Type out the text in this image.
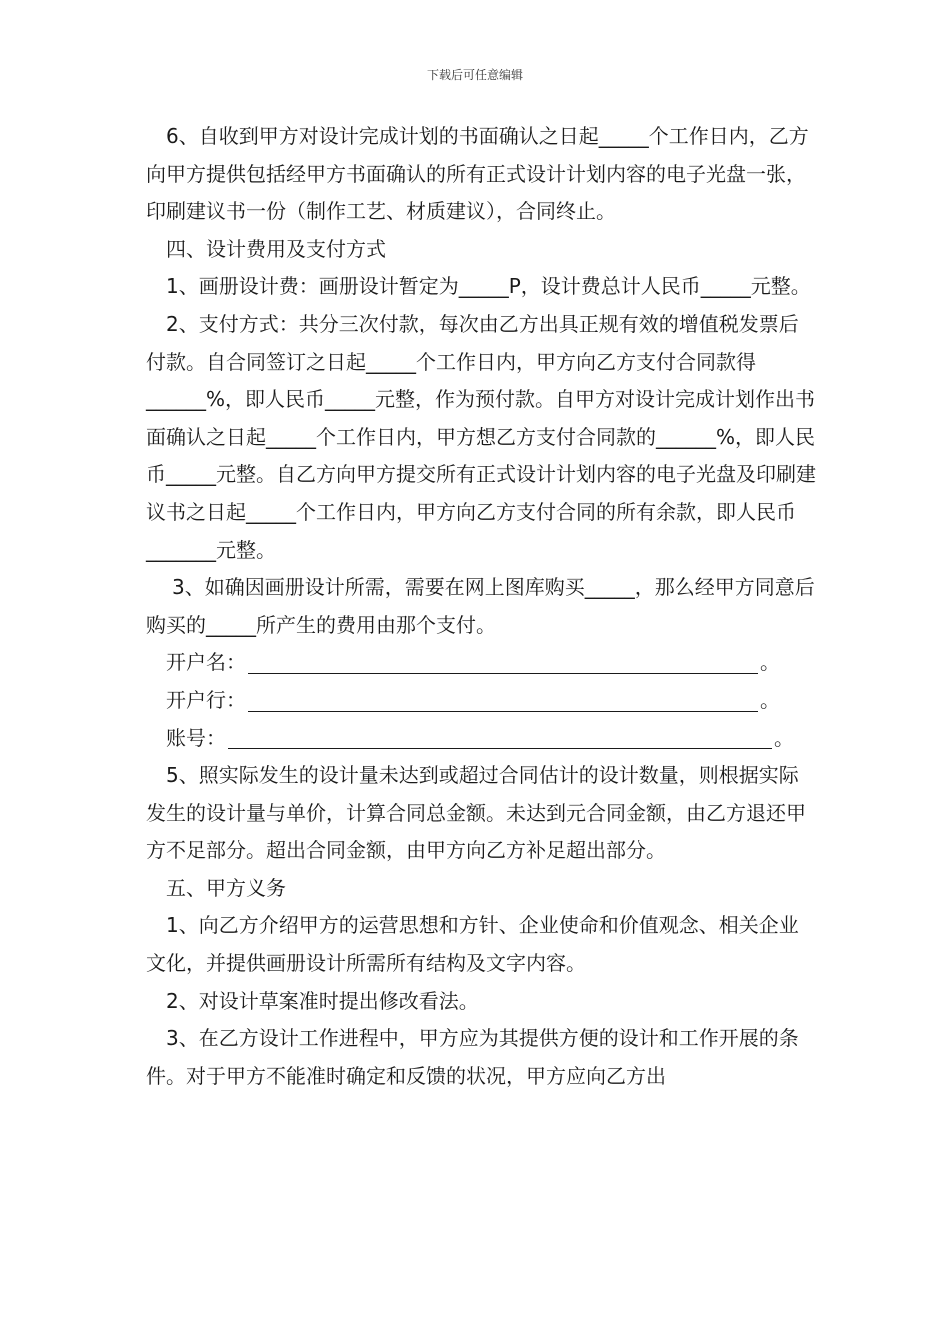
下载后可任意编辑

6、自收到甲方对设计完成计划的书面确认之日起_____个工作日内，乙方向甲方提供包括经甲方书面确认的所有正式设计计划内容的电子光盘一张，印刷建议书一份（制作工艺、材质建议），合同终止。

四、设计费用及支付方式

1、画册设计费：画册设计暂定为_____P，设计费总计人民币_____元整。

2、支付方式：共分三次付款，每次由乙方出具正规有效的增值税发票后付款。自合同签订之日起_____个工作日内，甲方向乙方支付合同款得______%，即人民币_____元整，作为预付款。自甲方对设计完成计划作出书面确认之日起_____个工作日内，甲方想乙方支付合同款的______%，即人民币_____元整。自乙方向甲方提交所有正式设计计划内容的电子光盘及印刷建议书之日起_____个工作日内，甲方向乙方支付合同的所有余款，即人民币_______元整。

3、如确因画册设计所需，需要在网上图库购买_____，那么经甲方同意后购买的_____所产生的费用由那个支付。

开户名：	。
开户行：	。
账号：	。

5、照实际发生的设计量未达到或超过合同估计的设计数量，则根据实际发生的设计量与单价，计算合同总金额。未达到元合同金额，由乙方退还甲方不足部分。超出合同金额，由甲方向乙方补足超出部分。

五、甲方义务

1、向乙方介绍甲方的运营思想和方针、企业使命和价值观念、相关企业文化，并提供画册设计所需所有结构及文字内容。

2、对设计草案准时提出修改看法。

3、在乙方设计工作进程中，甲方应为其提供方便的设计和工作开展的条件。对于甲方不能准时确定和反馈的状况，甲方应向乙方出
